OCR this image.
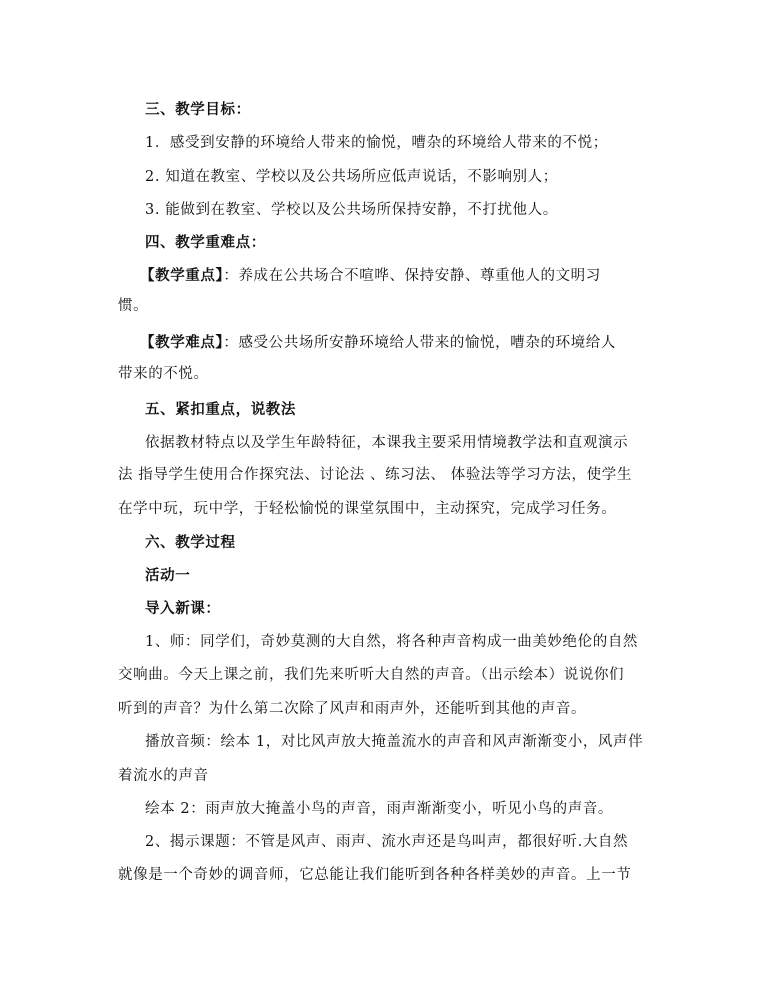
三、教学目标：
1．感受到安静的环境给人带来的愉悦，嘈杂的环境给人带来的不悦；
2. 知道在教室、学校以及公共场所应低声说话，不影响别人；
3. 能做到在教室、学校以及公共场所保持安静，不打扰他人。
四、教学重难点：
【教学重点】：养成在公共场合不喧哗、保持安静、尊重他人的文明习
惯。
【教学难点】：感受公共场所安静环境给人带来的愉悦，嘈杂的环境给人
带来的不悦。
五、紧扣重点，说教法
依据教材特点以及学生年龄特征，本课我主要采用情境教学法和直观演示
法 指导学生使用合作探究法、讨论法 、练习法、 体验法等学习方法，使学生
在学中玩，玩中学，于轻松愉悦的课堂氛围中，主动探究，完成学习任务。
六、教学过程
活动一
导入新课：
1、师：同学们，奇妙莫测的大自然，将各种声音构成一曲美妙绝伦的自然
交响曲。今天上课之前，我们先来听听大自然的声音。（出示绘本）说说你们
听到的声音？为什么第二次除了风声和雨声外，还能听到其他的声音。
播放音频：绘本 1，对比风声放大掩盖流水的声音和风声渐渐变小，风声伴
着流水的声音
绘本 2：雨声放大掩盖小鸟的声音，雨声渐渐变小，听见小鸟的声音。
2、揭示课题：不管是风声、雨声、流水声还是鸟叫声，都很好听.大自然
就像是一个奇妙的调音师，它总能让我们能听到各种各样美妙的声音。上一节
